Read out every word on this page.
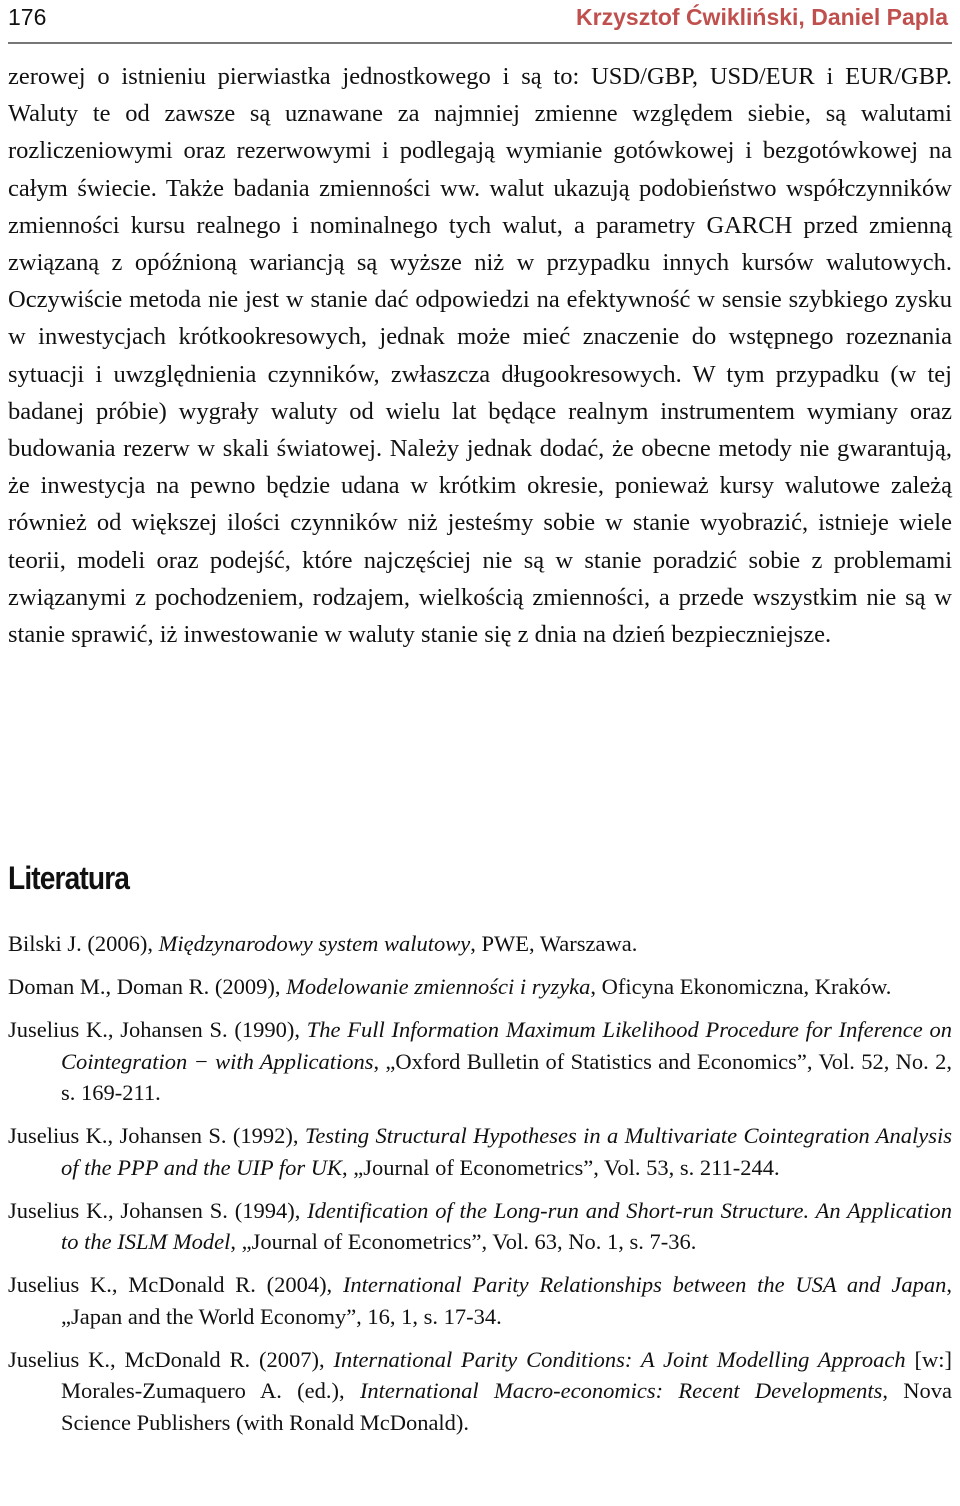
176	Krzysztof Ćwikliński, Daniel Papla

zerowej o istnieniu pierwiastka jednostkowego i są to: USD/GBP, USD/EUR i EUR/GBP. Waluty te od zawsze są uznawane za najmniej zmienne względem siebie, są walutami rozliczeniowymi oraz rezerwowymi i podlegają wymianie gotówkowej i bezgotówkowej na całym świecie. Także badania zmienności ww. walut ukazują podobieństwo współczynników zmienności kursu realnego i nominalnego tych walut, a parametry GARCH przed zmienną związaną z opóźnioną wariancją są wyższe niż w przypadku innych kursów walutowych. Oczywiście metoda nie jest w stanie dać odpowiedzi na efektywność w sensie szybkiego zysku w inwestycjach krótkookresowych, jednak może mieć znaczenie do wstępnego rozeznania sytuacji i uwzględnienia czynników, zwłaszcza długookresowych. W tym przypadku (w tej badanej próbie) wygrały waluty od wielu lat będące realnym instrumentem wymiany oraz budowania rezerw w skali światowej. Należy jednak dodać, że obecne metody nie gwarantują, że inwestycja na pewno będzie udana w krótkim okresie, ponieważ kursy walutowe zależą również od większej ilości czynników niż jesteśmy sobie w stanie wyobrazić, istnieje wiele teorii, modeli oraz podejść, które najczęściej nie są w stanie poradzić sobie z problemami związanymi z pochodzeniem, rodzajem, wielkością zmienności, a przede wszystkim nie są w stanie sprawić, iż inwestowanie w waluty stanie się z dnia na dzień bezpieczniejsze.

Literatura
Bilski J. (2006), Międzynarodowy system walutowy, PWE, Warszawa.
Doman M., Doman R. (2009), Modelowanie zmienności i ryzyka, Oficyna Ekonomiczna, Kraków.
Juselius K., Johansen S. (1990), The Full Information Maximum Likelihood Procedure for Inference on Cointegration − with Applications, „Oxford Bulletin of Statistics and Economics”, Vol. 52, No. 2, s. 169-211.
Juselius K., Johansen S. (1992), Testing Structural Hypotheses in a Multivariate Cointegration Analysis of the PPP and the UIP for UK, „Journal of Econometrics”, Vol. 53, s. 211-244.
Juselius K., Johansen S. (1994), Identification of the Long-run and Short-run Structure. An Application to the ISLM Model, „Journal of Econometrics”, Vol. 63, No. 1, s. 7-36.
Juselius K., McDonald R. (2004), International Parity Relationships between the USA and Japan, „Japan and the World Economy”, 16, 1, s. 17-34.
Juselius K., McDonald R. (2007), International Parity Conditions: A Joint Modelling Approach [w:] Morales-Zumaquero A. (ed.), International Macro-economics: Recent Developments, Nova Science Publishers (with Ronald McDonald).
